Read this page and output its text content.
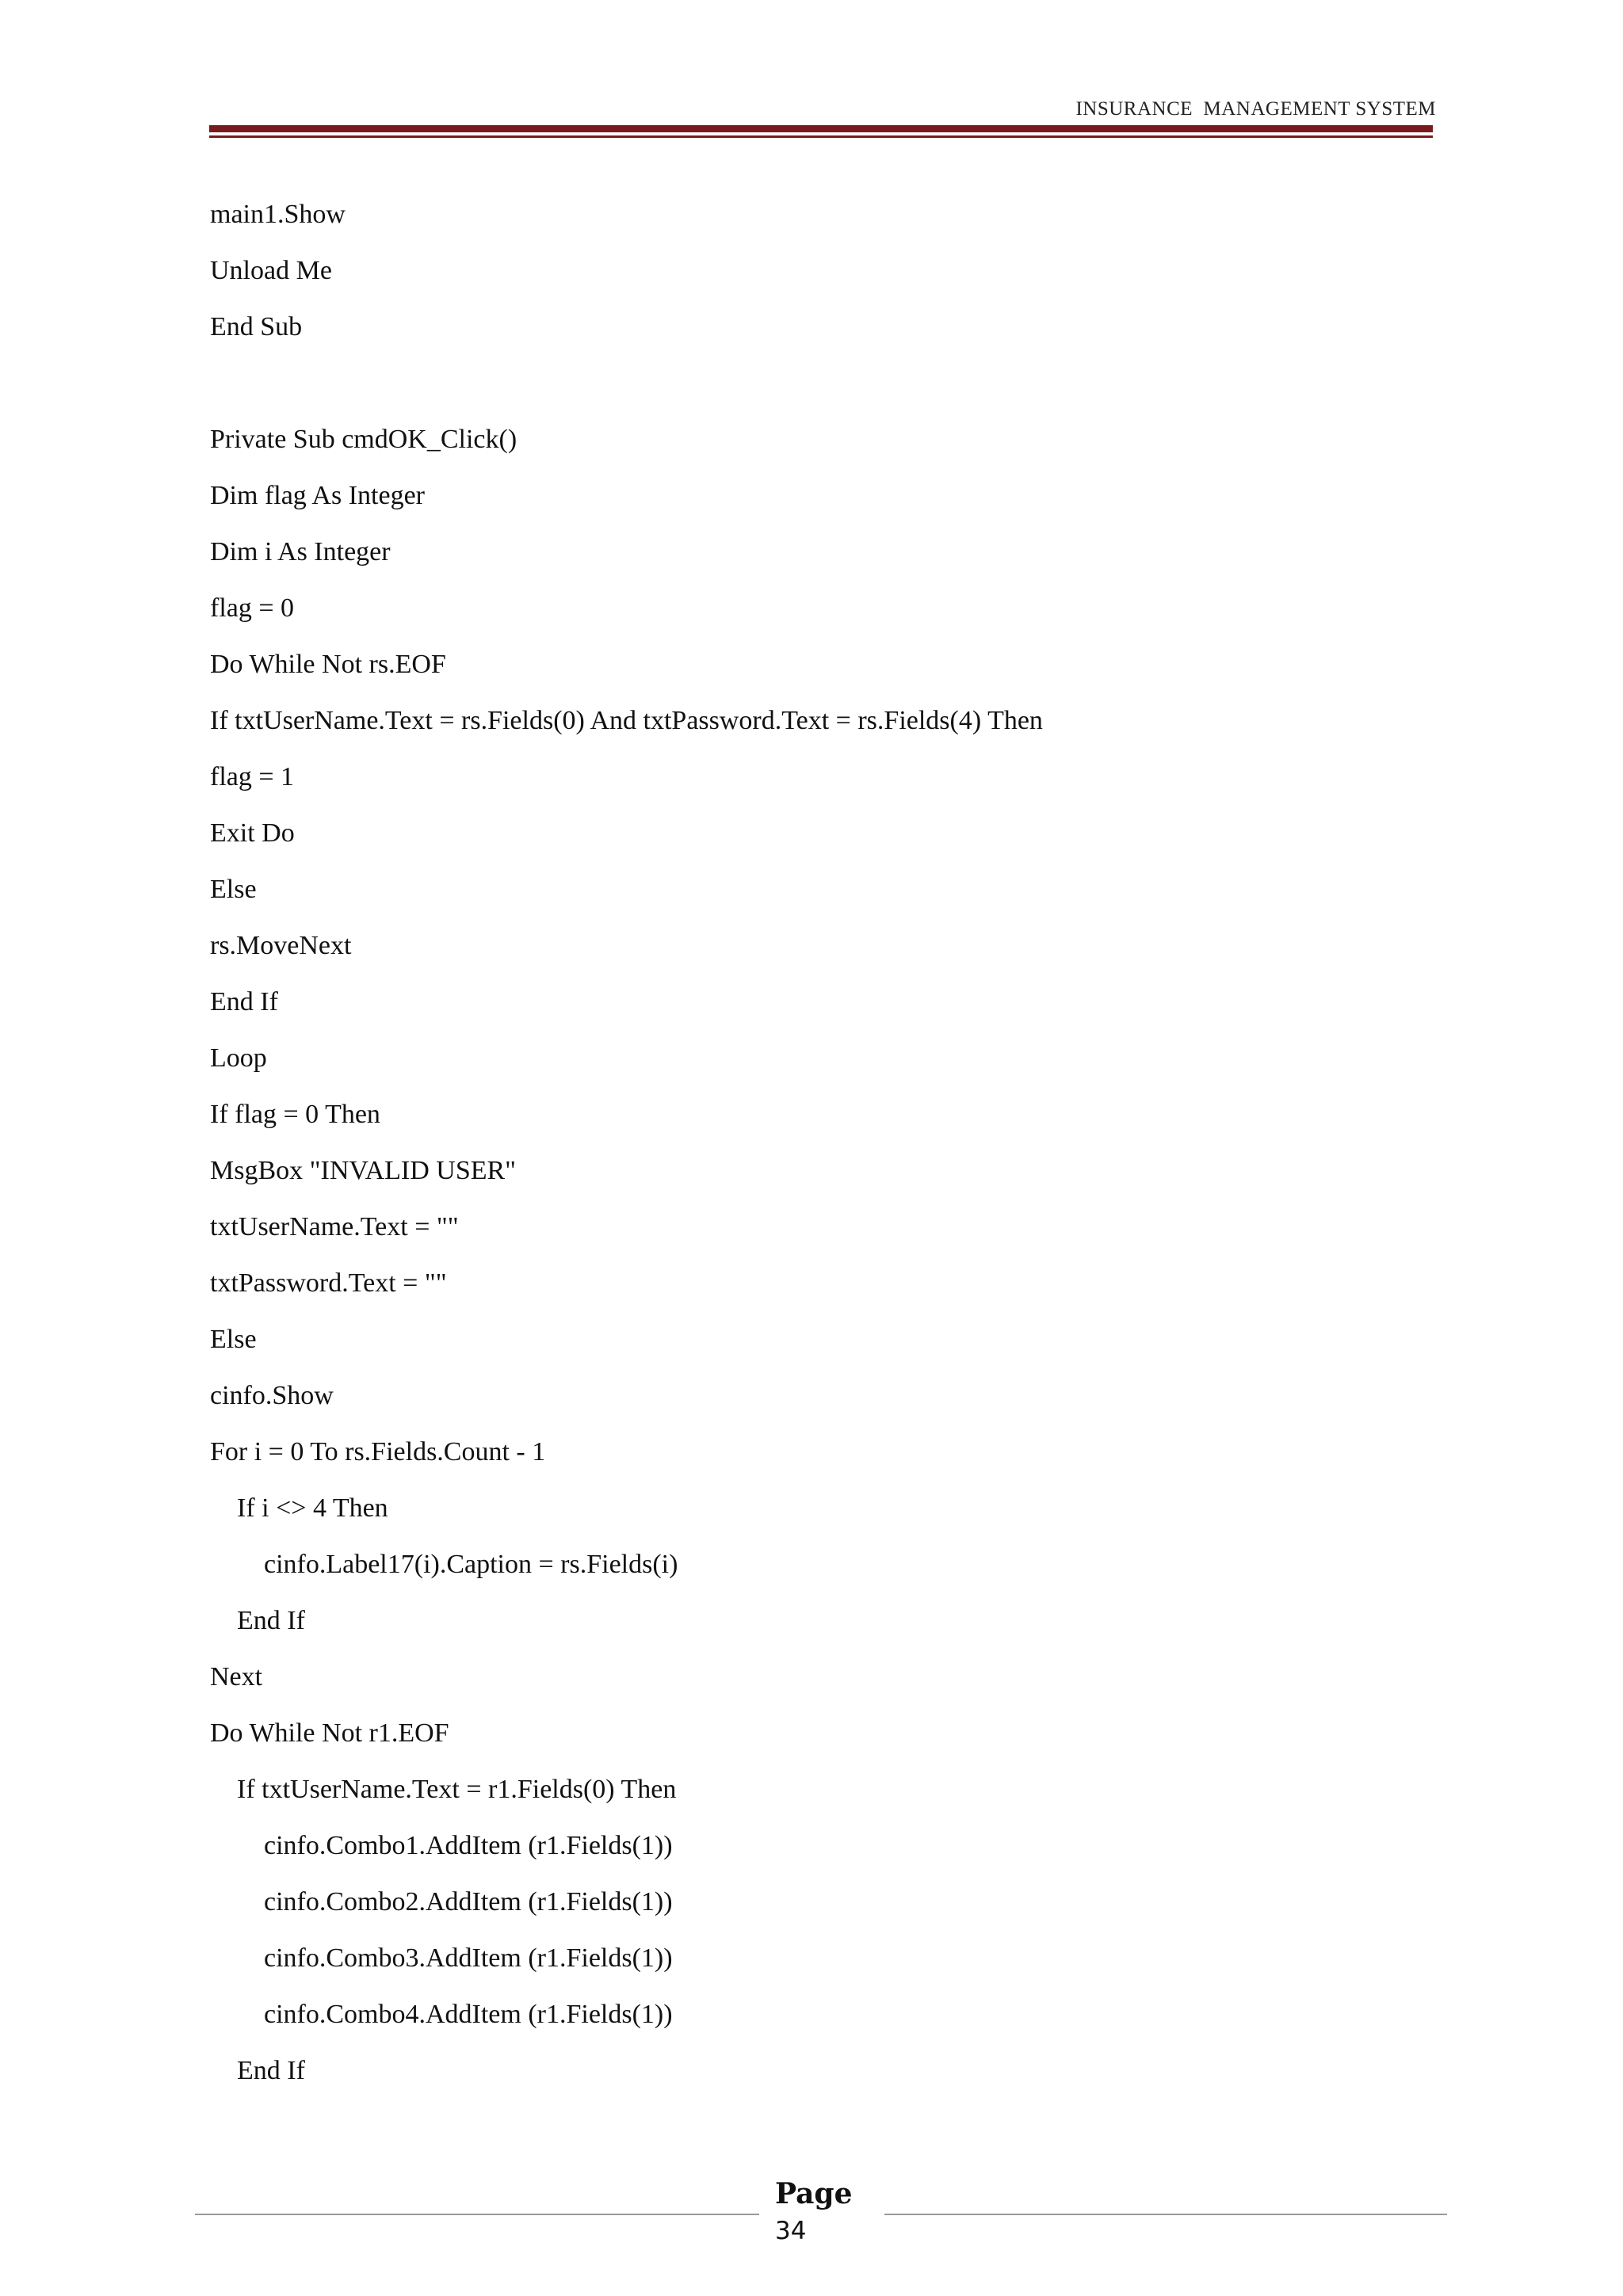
INSURANCE  MANAGEMENT SYSTEM
main1.Show
Unload Me
End Sub
Private Sub cmdOK_Click()
Dim flag As Integer
Dim i As Integer
flag = 0
Do While Not rs.EOF
If txtUserName.Text = rs.Fields(0) And txtPassword.Text = rs.Fields(4) Then
flag = 1
Exit Do
Else
rs.MoveNext
End If
Loop
If flag = 0 Then
MsgBox "INVALID USER"
txtUserName.Text = ""
txtPassword.Text = ""
Else
cinfo.Show
For i = 0 To rs.Fields.Count - 1
If i <> 4 Then
cinfo.Label17(i).Caption = rs.Fields(i)
End If
Next
Do While Not r1.EOF
If txtUserName.Text = r1.Fields(0) Then
cinfo.Combo1.AddItem (r1.Fields(1))
cinfo.Combo2.AddItem (r1.Fields(1))
cinfo.Combo3.AddItem (r1.Fields(1))
cinfo.Combo4.AddItem (r1.Fields(1))
End If
Page
34
